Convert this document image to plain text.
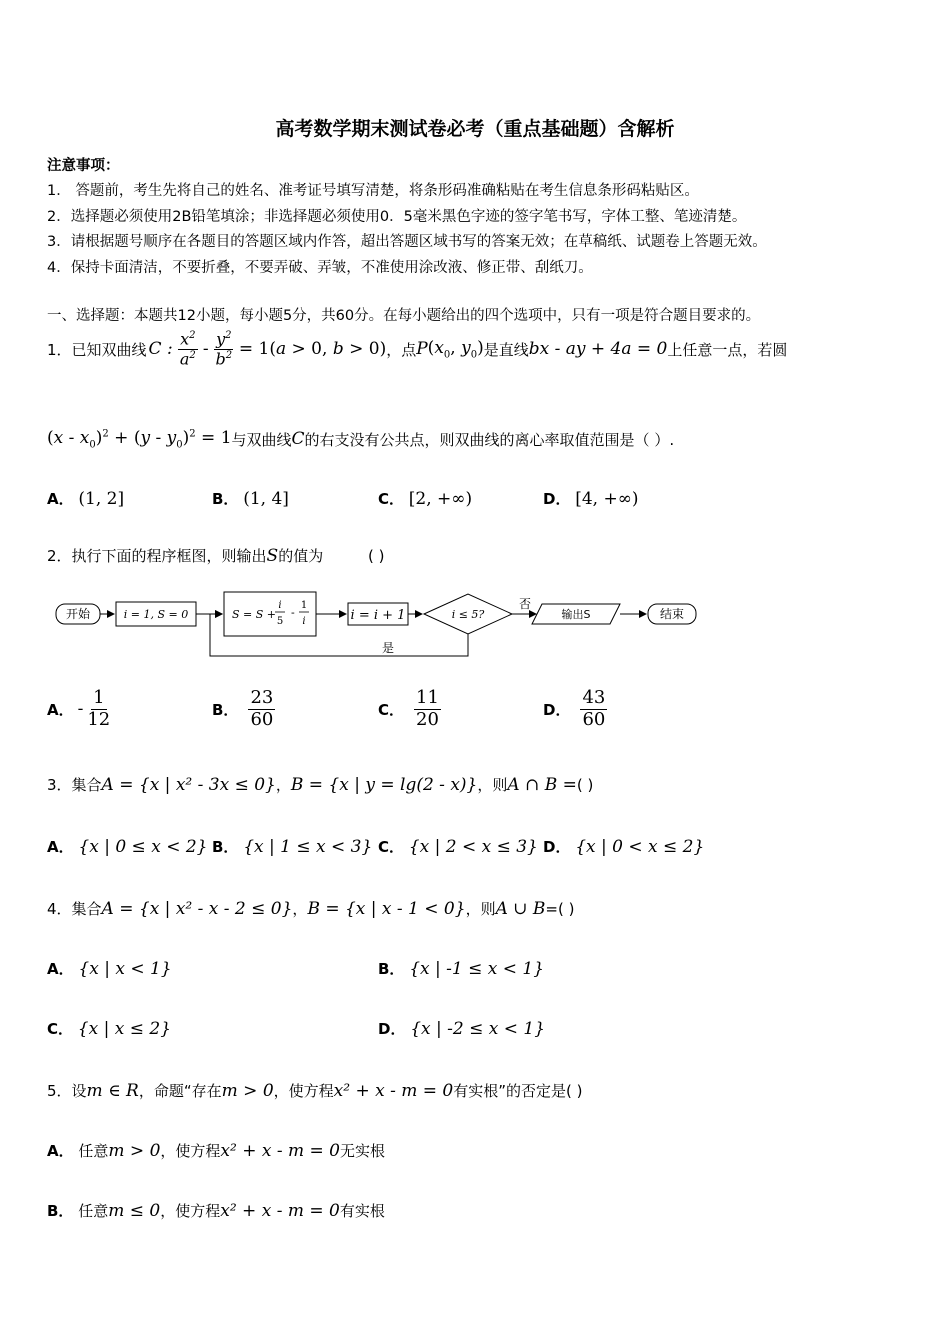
高考数学期末测试卷必考（重点基础题）含解析
注意事项：
1． 答题前，考生先将自己的姓名、准考证号填写清楚，将条形码准确粘贴在考生信息条形码粘贴区。
2．选择题必须使用2B铅笔填涂；非选择题必须使用0．5毫米黑色字迹的签字笔书写，字体工整、笔迹清楚。
3．请根据题号顺序在各题目的答题区域内作答，超出答题区域书写的答案无效；在草稿纸、试题卷上答题无效。
4．保持卡面清洁，不要折叠，不要弄破、弄皱，不准使用涂改液、修正带、刮纸刀。
一、选择题：本题共12小题，每小题5分，共60分。在每小题给出的四个选项中，只有一项是符合题目要求的。
1．已知双曲线 C : $\frac{x^2}{a^2} - \frac{y^2}{b^2} = 1(a > 0$, b > 0) ，点 P ($x_0$, $y_0$) 是直线 bx - ay + 4a = 0 上任意一点，若圆
$(x - x_0)^2 + (y - y_0)^2 = 1$ 与双曲线 C 的右支没有公共点，则双曲线的离心率取值范围是（ ）.
A． (1, 2]	B． (1, 4]	C． [2, +∞)	D． [4, +∞)
2．执行下面的程序框图，则输出S的值为	( )
开始	i = 1, S = 0	S = S +
i
5
-
1
i	i = i + 1	i ≤ 5?
否
输出S	结束
是
A． - $\frac{1}{12}$	B． $\frac{23}{60}$	C． $\frac{11}{20}$	D． $\frac{43}{60}$
3．集合A = {x | x² - 3x ≤ 0}，B = {x | y = lg(2 - x)}，则A ∩ B =( )
A． {x | 0 ≤ x < 2} B． {x | 1 ≤ x < 3} C． {x | 2 < x ≤ 3} D． {x | 0 < x ≤ 2}
4．集合A = {x | x² - x - 2 ≤ 0}，B = {x | x - 1 < 0}，则A ∪ B=( )
A． {x | x < 1}	B． {x | -1 ≤ x < 1}
C． {x | x ≤ 2}	D． {x | -2 ≤ x < 1}
5．设m ∈ R，命题“存在m > 0，使方程x² + x - m = 0有实根”的否定是( )
A． 任意m > 0，使方程x² + x - m = 0无实根
B． 任意m ≤ 0，使方程x² + x - m = 0有实根
